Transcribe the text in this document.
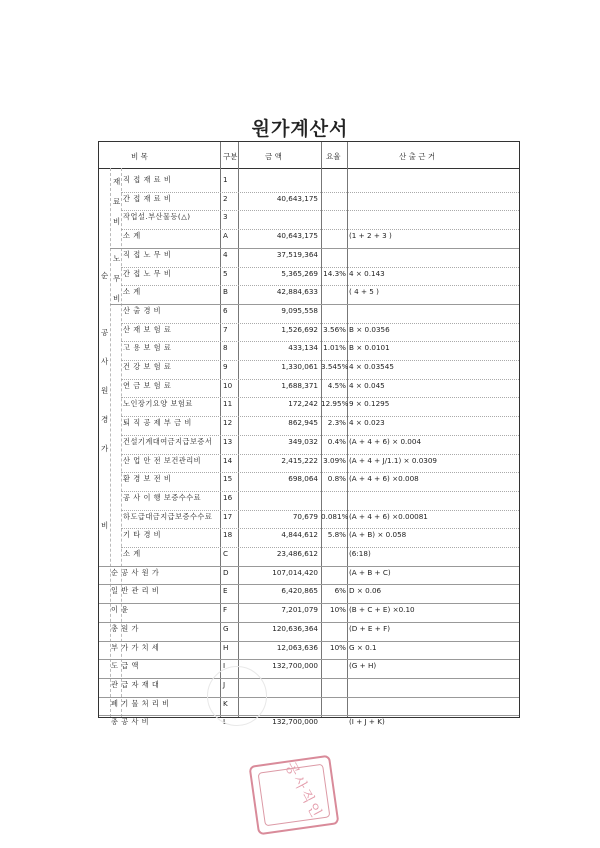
원가계산서
비 목	구분	금 액	요율	산 출 근 거
재

료

비
노

무

비
순
공
사
원
경
가
비
직 접 재 료 비	1
간 접 재 료 비	2	40,643,175
작업설.부산물등(△)	3
소 계	A	40,643,175	(1 + 2 + 3 )
직 접 노 무 비	4	37,519,364
간 접 노 무 비	5	5,365,269 14.3% 4 × 0.143
소 계	B	42,884,633	( 4 + 5 )
산 출 경 비	6	9,095,558
산 재 보 험 료	7	1,526,692 3.56% B × 0.0356
고 용 보 험 료	8	433,134 1.01% B × 0.0101
건 강 보 험 료	9	1,330,061 3.545% 4 × 0.03545
연 금 보 험 료	10	1,688,371	4.5% 4 × 0.045
노인장기요양 보험료	11	172,242 12.95% 9 × 0.1295
퇴 직 공 제 부 금 비	12	862,945	2.3% 4 × 0.023
건설기계대여금지급보증서 13	349,032	0.4% (A + 4 + 6) × 0.004
산 업 안 전 보건관리비	14	2,415,222 3.09% (A + 4 + J/1.1) × 0.0309
환 경 보 전 비	15	698,064	0.8% (A + 4 + 6) ×0.008
공 사 이 행 보증수수료	16
하도급대금지급보증수수료 17	70,679 0.081% (A + 4 + 6) ×0.00081
기 타 경 비	18	4,844,612	5.8% (A + B) × 0.058
소 계	C	23,486,612	(6:18)
순 공 사 원 가	D	107,014,420	(A + B + C)
일 반 관 리 비	E	6,420,865	6% D × 0.06
이 윤	F	7,201,079	10% (B + C + E) ×0.10
총 원 가	G	120,636,364	(D + E + F)
부 가 가 치 세	H	12,063,636	10% G × 0.1
도 급 액	I	132,700,000	(G + H)
관 급 자 재 대	J
폐 기 물 처 리 비	K
총 공 사 비	L	132,700,000	(I + J + K)
공사직인
